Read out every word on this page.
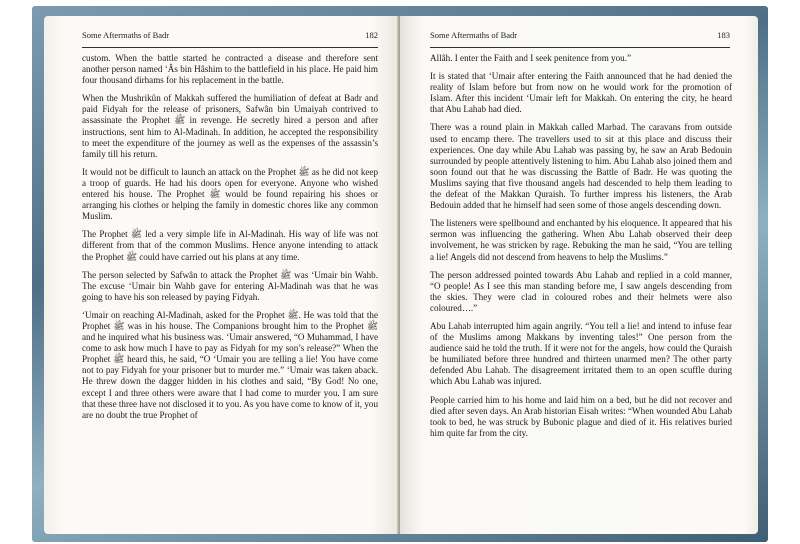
Some Aftermaths of Badr	182

custom. When the battle started he contracted a disease and therefore sent another person named ‘Âs bin Hâshim to the battlefield in his place. He paid him four thousand dirhams for his replacement in the battle.

When the Mushrikûn of Makkah suffered the humiliation of defeat at Badr and paid Fidyah for the release of prisoners, Safwân bin Umaiyah contrived to assassinate the Prophet ﷺ in revenge. He secretly hired a person and after instructions, sent him to Al-Madinah. In addition, he accepted the responsibility to meet the expenditure of the journey as well as the expenses of the assassin’s family till his return.

It would not be difficult to launch an attack on the Prophet ﷺ as he did not keep a troop of guards. He had his doors open for everyone. Anyone who wished entered his house. The Prophet ﷺ would be found repairing his shoes or arranging his clothes or helping the family in domestic chores like any common Muslim.

The Prophet ﷺ led a very simple life in Al-Madinah. His way of life was not different from that of the common Muslims. Hence anyone intending to attack the Prophet ﷺ could have carried out his plans at any time.

The person selected by Safwân to attack the Prophet ﷺ was ‘Umair bin Wahb. The excuse ‘Umair bin Wahb gave for entering Al-Madinah was that he was going to have his son released by paying Fidyah.

‘Umair on reaching Al-Madinah, asked for the Prophet ﷺ. He was told that the Prophet ﷺ was in his house. The Companions brought him to the Prophet ﷺ and he inquired what his business was. ‘Umair answered, “O Muhammad, I have come to ask how much I have to pay as Fidyah for my son’s release?” When the Prophet ﷺ heard this, he said, “O ‘Umair you are telling a lie! You have come not to pay Fidyah for your prisoner but to murder me.” ‘Umair was taken aback. He threw down the dagger hidden in his clothes and said, “By God! No one, except I and three others were aware that I had come to murder you. I am sure that these three have not disclosed it to you. As you have come to know of it, you are no doubt the true Prophet of

Some Aftermaths of Badr	183

Allâh. I enter the Faith and I seek penitence from you.”

It is stated that ‘Umair after entering the Faith announced that he had denied the reality of Islam before but from now on he would work for the promotion of Islam. After this incident ‘Umair left for Makkah. On entering the city, he heard that Abu Lahab had died.

There was a round plain in Makkah called Marbad. The caravans from outside used to encamp there. The travellers used to sit at this place and discuss their experiences. One day while Abu Lahab was passing by, he saw an Arab Bedouin surrounded by people attentively listening to him. Abu Lahab also joined them and soon found out that he was discussing the Battle of Badr. He was quoting the Muslims saying that five thousand angels had descended to help them leading to the defeat of the Makkan Quraish. To further impress his listeners, the Arab Bedouin added that he himself had seen some of those angels descending down.

The listeners were spellbound and enchanted by his eloquence. It appeared that his sermon was influencing the gathering. When Abu Lahab observed their deep involvement, he was stricken by rage. Rebuking the man he said, “You are telling a lie! Angels did not descend from heavens to help the Muslims.”

The person addressed pointed towards Abu Lahab and replied in a cold manner, “O people! As I see this man standing before me, I saw angels descending from the skies. They were clad in coloured robes and their helmets were also coloured….”

Abu Lahab interrupted him again angrily. “You tell a lie! and intend to infuse fear of the Muslims among Makkans by inventing tales!” One person from the audience said he told the truth. If it were not for the angels, how could the Quraish be humiliated before three hundred and thirteen unarmed men? The other party defended Abu Lahab. The disagreement irritated them to an open scuffle during which Abu Lahab was injured.

People carried him to his home and laid him on a bed, but he did not recover and died after seven days. An Arab historian Eisah writes: “When wounded Abu Lahab took to bed, he was struck by Bubonic plague and died of it. His relatives buried him quite far from the city.
